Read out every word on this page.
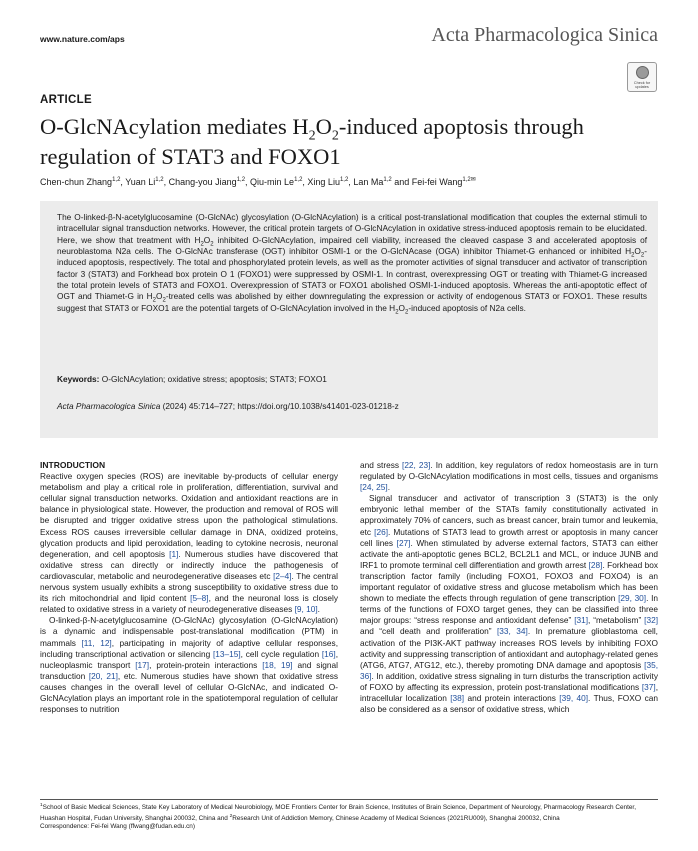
www.nature.com/aps	Acta Pharmacologica Sinica
Check for updates
ARTICLE
O-GlcNAcylation mediates $H_2O_2$-induced apoptosis through
regulation of STAT3 and FOXO1
Chen-chun Zhang$^{1,2}$, Yuan Li$^{1,2}$, Chang-you Jiang$^{1,2}$, Qiu-min Le$^{1,2}$, Xing Liu$^{1,2}$, Lan Ma$^{1,2}$ and Fei-fei Wang$^{1,2✉}$
The O-linked-β-N-acetylglucosamine (O-GlcNAc) glycosylation (O-GlcNAcylation) is a critical post-translational modification that couples the external stimuli to intracellular signal transduction networks. However, the critical protein targets of O-GlcNAcylation in oxidative stress-induced apoptosis remain to be elucidated. Here, we show that treatment with $H_2O_2$ inhibited O-GlcNAcylation, impaired cell viability, increased the cleaved caspase 3 and accelerated apoptosis of neuroblastoma N2a cells. The O-GlcNAc transferase (OGT) inhibitor OSMI-1 or the O-GlcNAcase (OGA) inhibitor Thiamet-G enhanced or inhibited $H_2O_2$-induced apoptosis, respectively. The total and phosphorylated protein levels, as well as the promoter activities of signal transducer and activator of transcription factor 3 (STAT3) and Forkhead box protein O 1 (FOXO1) were suppressed by OSMI-1. In contrast, overexpressing OGT or treating with Thiamet-G increased the total protein levels of STAT3 and FOXO1. Overexpression of STAT3 or FOXO1 abolished OSMI-1-induced apoptosis. Whereas the anti-apoptotic effect of OGT and Thiamet-G in $H_2O_2$-treated cells was abolished by either downregulating the expression or activity of endogenous STAT3 or FOXO1. These results suggest that STAT3 or FOXO1 are the potential targets of O-GlcNAcylation involved in the $H_2O_2$-induced apoptosis of N2a cells.
Keywords: O-GlcNAcylation; oxidative stress; apoptosis; STAT3; FOXO1
Acta Pharmacologica Sinica (2024) 45:714–727; https://doi.org/10.1038/s41401-023-01218-z
INTRODUCTION

Reactive oxygen species (ROS) are inevitable by-products of cellular energy metabolism and play a critical role in proliferation, differentiation, survival and cellular signal transduction networks. Oxidation and antioxidant reactions are in balance in physiological state. However, the production and removal of ROS will be disrupted and trigger oxidative stress upon the pathological stimulations. Excess ROS causes irreversible cellular damage in DNA, oxidized proteins, glycation products and lipid peroxidation, leading to cytokine necrosis, neuronal degeneration, and cell apoptosis [1]. Numerous studies have discovered that oxidative stress can directly or indirectly induce the pathogenesis of cardiovascular, metabolic and neurodegenerative diseases etc [2–4]. The central nervous system usually exhibits a strong susceptibility to oxidative stress due to its rich mitochondrial and lipid content [5–8], and the neuronal loss is closely related to oxidative stress in a variety of neurodegenerative diseases [9, 10].

O-linked-β-N-acetylglucosamine (O-GlcNAc) glycosylation (O-GlcNAcylation) is a dynamic and indispensable post-translational modification (PTM) in mammals [11, 12], participating in majority of adaptive cellular responses, including transcriptional activation or silencing [13–15], cell cycle regulation [16], nucleoplasmic transport [17], protein-protein interactions [18, 19] and signal transduction [20, 21], etc. Numerous studies have shown that oxidative stress causes changes in the overall level of cellular O-GlcNAc, and indicated O-GlcNAcylation plays an important role in the spatiotemporal regulation of cellular responses to nutrition

and stress [22, 23]. In addition, key regulators of redox homeostasis are in turn regulated by O-GlcNAcylation modifications in most cells, tissues and organisms [24, 25].

Signal transducer and activator of transcription 3 (STAT3) is the only embryonic lethal member of the STATs family constitutionally activated in approximately 70% of cancers, such as breast cancer, brain tumor and leukemia, etc [26]. Mutations of STAT3 lead to growth arrest or apoptosis in many cancer cell lines [27]. When stimulated by adverse external factors, STAT3 can either activate the anti-apoptotic genes BCL2, BCL2L1 and MCL, or induce JUNB and IRF1 to promote terminal cell differentiation and growth arrest [28]. Forkhead box transcription factor family (including FOXO1, FOXO3 and FOXO4) is an important regulator of oxidative stress and glucose metabolism which has been shown to mediate the effects through regulation of gene transcription [29, 30]. In terms of the functions of FOXO target genes, they can be classified into three major groups: “stress response and antioxidant defense” [31], “metabolism” [32] and “cell death and proliferation” [33, 34]. In premature glioblastoma cell, activation of the PI3K-AKT pathway increases ROS levels by inhibiting FOXO activity and suppressing transcription of antioxidant and autophagy-related genes (ATG6, ATG7, ATG12, etc.), thereby promoting DNA damage and apoptosis [35, 36]. In addition, oxidative stress signaling in turn disturbs the transcription activity of FOXO by affecting its expression, protein post-translational modifications [37], intracellular localization [38] and protein interactions [39, 40]. Thus, FOXO can also be considered as a sensor of oxidative stress, which

$^1$School of Basic Medical Sciences, State Key Laboratory of Medical Neurobiology, MOE Frontiers Center for Brain Science, Institutes of Brain Science, Department of Neurology, Pharmacology Research Center, Huashan Hospital, Fudan University, Shanghai 200032, China and $^2$Research Unit of Addiction Memory, Chinese Academy of Medical Sciences (2021RU009), Shanghai 200032, China
Correspondence: Fei-fei Wang (ffwang@fudan.edu.cn)
